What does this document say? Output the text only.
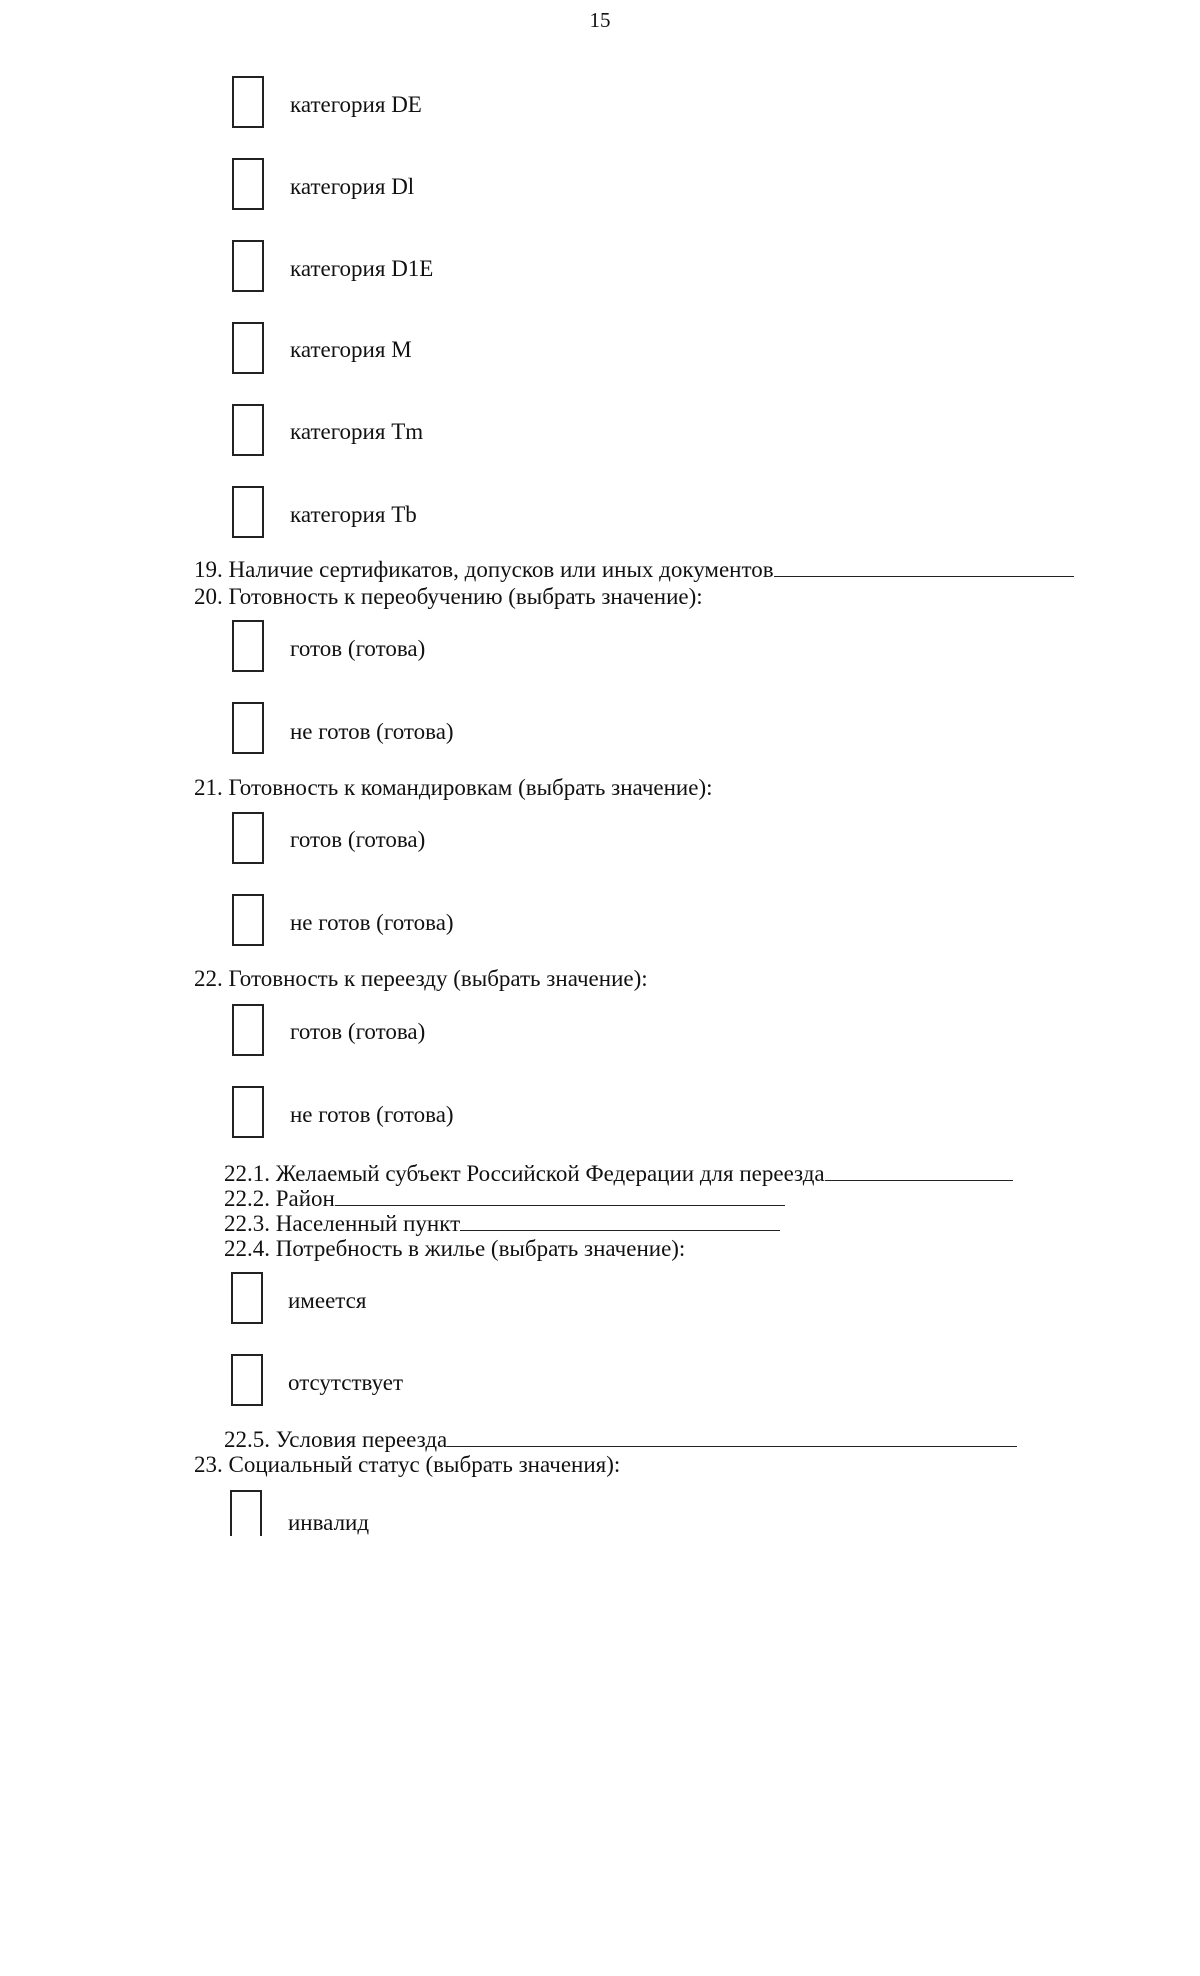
15
категория DE
категория Dl
категория D1E
категория M
категория Tm
категория Tb
19. Наличие сертификатов, допусков или иных документов
20. Готовность к переобучению (выбрать значение):
готов (готова)
не готов (готова)
21. Готовность к командировкам (выбрать значение):
готов (готова)
не готов (готова)
22. Готовность к переезду (выбрать значение):
готов (готова)
не готов (готова)
22.1. Желаемый субъект Российской Федерации для переезда
22.2. Район
22.3. Населенный пункт
22.4. Потребность в жилье (выбрать значение):
имеется
отсутствует
22.5. Условия переезда
23. Социальный статус (выбрать значения):
инвалид
